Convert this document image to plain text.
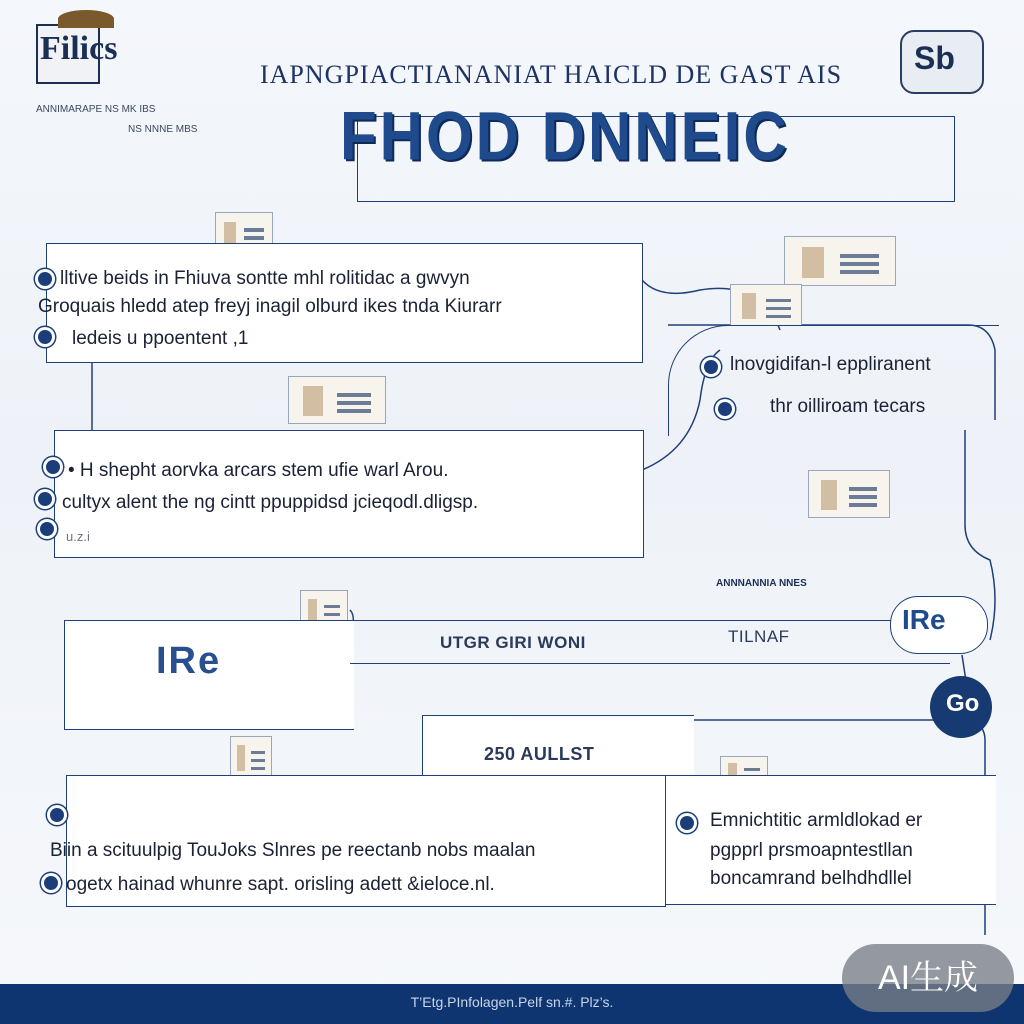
Filics
ANNIMARAPE NS MK IBS
NS NNNE MBS
IAPNGPIACTIANANIAT HAICLD DE GAST AIS
FHOD DNNEIC
Sb
lltive beids in Fhiuva sontte mhl rolitidac a gwvyn
Groquais hledd atep freyj inagil olburd ikes tnda Kiurarr
ledeis u ppoentent ,1
lnovgidifan-l eppliranent
thr oilliroam tecars
• H shepht aorvka arcars stem ufie warl Arou.
cultyx alent the ng cintt ppuppidsd jcieqodl.dligsp.
u.z.i
IRe	UTGR GIRI WONI	TILNAF
ANNNANNIA NNES
IRe
Go
250 AULLST
Biin a scituulpig TouJoks Slnres pe reectanb nobs maalan
ogetx hainad whunre sapt. orisling adett &ieloce.nl.
Emnichtitic armldlokad er
pgpprl prsmoapntestllan
boncamrand belhdhdllel
T’Etg.PInfolagen.Pelf sn.#. Plz’s.
AI生成
